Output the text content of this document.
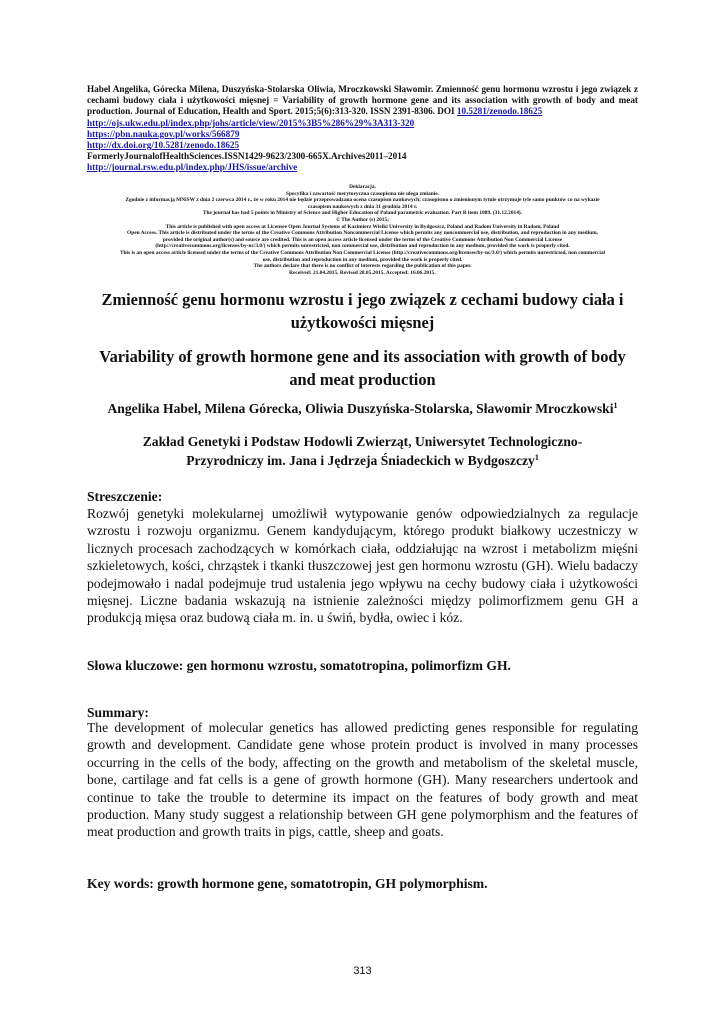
Habel Angelika, Górecka Milena, Duszyńska-Stolarska Oliwia, Mroczkowski Sławomir. Zmienność genu hormonu wzrostu i jego związek z cechami budowy ciała i użytkowości mięsnej = Variability of growth hormone gene and its association with growth of body and meat production. Journal of Education, Health and Sport. 2015;5(6):313-320. ISSN 2391-8306. DOI 10.5281/zenodo.18625
http://ojs.ukw.edu.pl/index.php/johs/article/view/2015%3B5%286%29%3A313-320
https://pbn.nauka.gov.pl/works/566879
http://dx.doi.org/10.5281/zenodo.18625
FormerlyJournalofHealthSciences.ISSN1429-9623/2300-665X.Archives2011–2014
http://journal.rsw.edu.pl/index.php/JHS/issue/archive
Deklaracja.
Specyfika i zawartość merytoryczna czasopisma nie ulega zmianie.
Zgodnie z informacją MNiSW z dnia 2 czerwca 2014 r., że w roku 2014 nie będzie przeprowadzana ocena czasopism naukowych; czasopismo o zmienionym tytule otrzymuje tyle samo punktów co na wykazie
czasopism naukowych z dnia 31 grudnia 2014 r.
The journal has had 5 points in Ministry of Science and Higher Education of Poland parametric evaluation. Part B item 1089. (31.12.2014).
© The Author (s) 2015;
This article is published with open access at Licensee Open Journal Systems of Kazimierz Wielki University in Bydgoszcz, Poland and Radom University in Radom, Poland
Open Access. This article is distributed under the terms of the Creative Commons Attribution Noncommercial License which permits any noncommercial use, distribution, and reproduction in any medium,
provided the original author(s) and source are credited. This is an open access article licensed under the terms of the Creative Commons Attribution Non Commercial License
(http://creativecommons.org/licenses/by-nc/3.0/) which permits unrestricted, non commercial use, distribution and reproduction in any medium, provided the work is properly cited.
This is an open access article licensed under the terms of the Creative Commons Attribution Non Commercial License (http://creativecommons.org/licenses/by-nc/3.0/) which permits unrestricted, non commercial
use, distribution and reproduction in any medium, provided the work is properly cited.
The authors declare that there is no conflict of interests regarding the publication of this paper.
Received: 21.04.2015. Revised 28.05.2015. Accepted: 16.06.2015.
Zmienność genu hormonu wzrostu i jego związek z cechami budowy ciała i użytkowości mięsnej
Variability of growth hormone gene and its association with growth of body and meat production
Angelika Habel, Milena Górecka, Oliwia Duszyńska-Stolarska, Sławomir Mroczkowski$^1$
Zakład Genetyki i Podstaw Hodowli Zwierząt, Uniwersytet Technologiczno-
Przyrodniczy im. Jana i Jędrzeja Śniadeckich w Bydgoszczy$^1$
Streszczenie:
Rozwój genetyki molekularnej umożliwił wytypowanie genów odpowiedzialnych za regulacje wzrostu i rozwoju organizmu. Genem kandydującym, którego produkt białkowy uczestniczy w licznych procesach zachodzących w komórkach ciała, oddziałując na wzrost i metabolizm mięśni szkieletowych, kości, chrząstek i tkanki tłuszczowej jest gen hormonu wzrostu (GH). Wielu badaczy podejmowało i nadal podejmuje trud ustalenia jego wpływu na cechy budowy ciała i użytkowości mięsnej. Liczne badania wskazują na istnienie zależności między polimorfizmem genu GH a produkcją mięsa oraz budową ciała m. in. u świń, bydła, owiec i kóz.
Słowa kluczowe: gen hormonu wzrostu, somatotropina, polimorfizm GH.
Summary:
The development of molecular genetics has allowed predicting genes responsible for regulating growth and development. Candidate gene whose protein product is involved in many processes occurring in the cells of the body, affecting on the growth and metabolism of the skeletal muscle, bone, cartilage and fat cells is a gene of growth hormone (GH). Many researchers undertook and continue to take the trouble to determine its impact on the features of body growth and meat production. Many study suggest a relationship between GH gene polymorphism and the features of meat production and growth traits in pigs, cattle, sheep and goats.
Key words: growth hormone gene, somatotropin, GH polymorphism.
313
